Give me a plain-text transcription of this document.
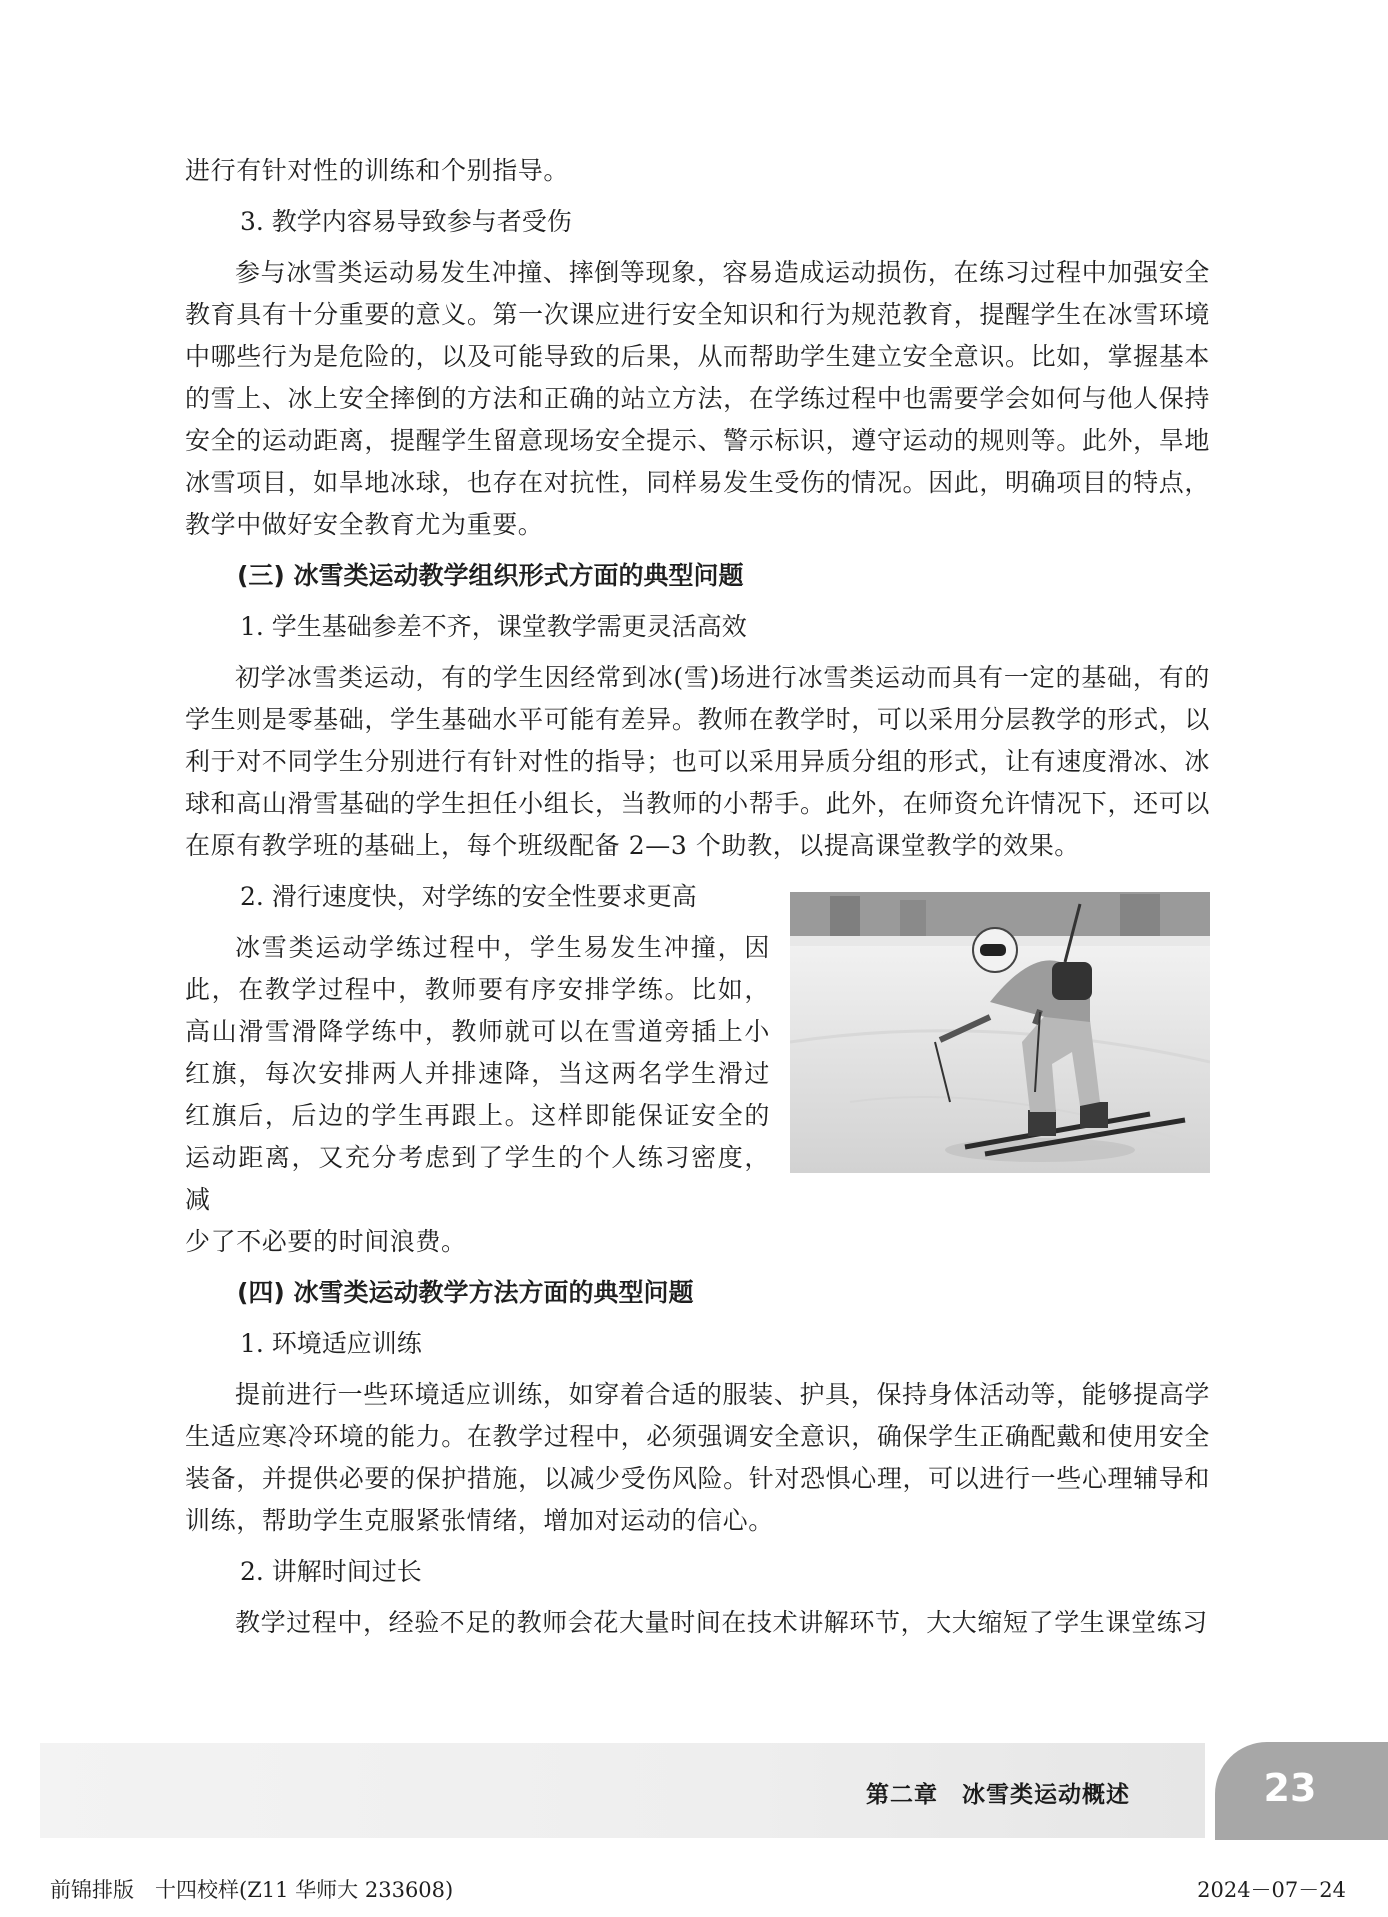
进行有针对性的训练和个别指导。

3. 教学内容易导致参与者受伤

参与冰雪类运动易发生冲撞、摔倒等现象，容易造成运动损伤，在练习过程中加强安全教育具有十分重要的意义。第一次课应进行安全知识和行为规范教育，提醒学生在冰雪环境中哪些行为是危险的，以及可能导致的后果，从而帮助学生建立安全意识。比如，掌握基本的雪上、冰上安全摔倒的方法和正确的站立方法，在学练过程中也需要学会如何与他人保持安全的运动距离，提醒学生留意现场安全提示、警示标识，遵守运动的规则等。此外，旱地冰雪项目，如旱地冰球，也存在对抗性，同样易发生受伤的情况。因此，明确项目的特点，教学中做好安全教育尤为重要。

(三) 冰雪类运动教学组织形式方面的典型问题

1. 学生基础参差不齐，课堂教学需更灵活高效

初学冰雪类运动，有的学生因经常到冰(雪)场进行冰雪类运动而具有一定的基础，有的学生则是零基础，学生基础水平可能有差异。教师在教学时，可以采用分层教学的形式，以利于对不同学生分别进行有针对性的指导；也可以采用异质分组的形式，让有速度滑冰、冰球和高山滑雪基础的学生担任小组长，当教师的小帮手。此外，在师资允许情况下，还可以在原有教学班的基础上，每个班级配备 2—3 个助教，以提高课堂教学的效果。

2. 滑行速度快，对学练的安全性要求更高

冰雪类运动学练过程中，学生易发生冲撞，因此，在教学过程中，教师要有序安排学练。比如，高山滑雪滑降学练中，教师就可以在雪道旁插上小红旗，每次安排两人并排速降，当这两名学生滑过红旗后，后边的学生再跟上。这样即能保证安全的运动距离，又充分考虑到了学生的个人练习密度，减

少了不必要的时间浪费。

(四) 冰雪类运动教学方法方面的典型问题

1. 环境适应训练

提前进行一些环境适应训练，如穿着合适的服装、护具，保持身体活动等，能够提高学生适应寒冷环境的能力。在教学过程中，必须强调安全意识，确保学生正确配戴和使用安全装备，并提供必要的保护措施，以减少受伤风险。针对恐惧心理，可以进行一些心理辅导和训练，帮助学生克服紧张情绪，增加对运动的信心。

2. 讲解时间过长

教学过程中，经验不足的教师会花大量时间在技术讲解环节，大大缩短了学生课堂练习

第二章　冰雪类运动概述	23
前锦排版　十四校样(Z11 华师大 233608)	2024－07－24
